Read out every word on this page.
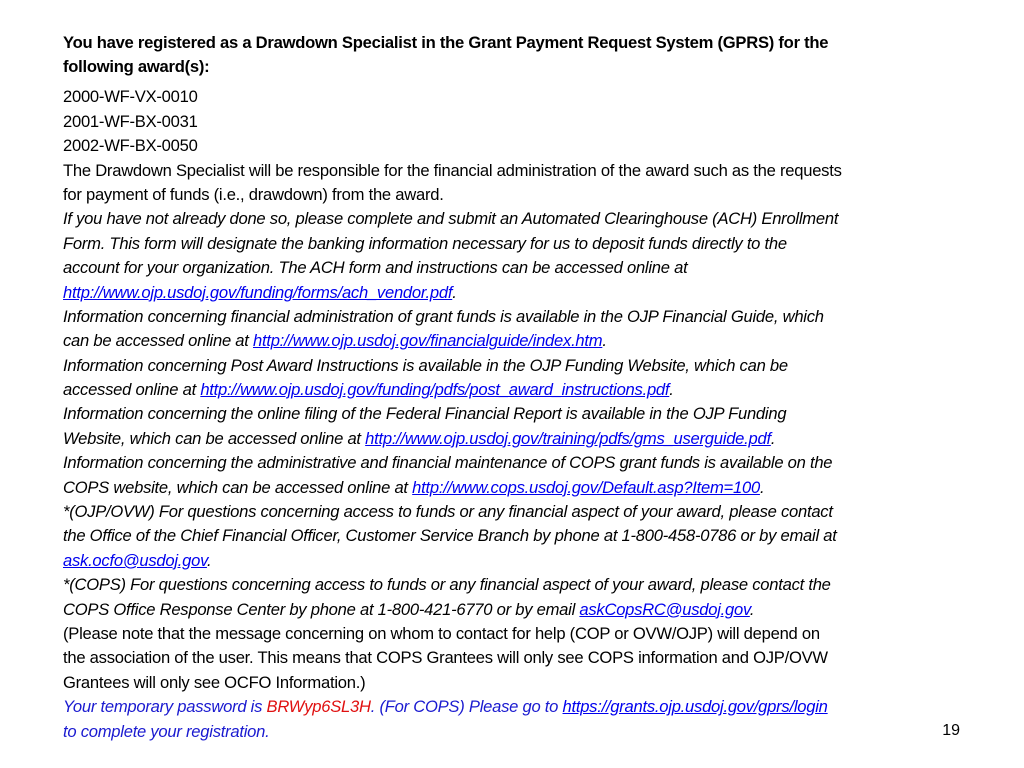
You have registered as a Drawdown Specialist in the Grant Payment Request System (GPRS) for the
following award(s):
2000-WF-VX-0010
2001-WF-BX-0031
2002-WF-BX-0050
The Drawdown Specialist will be responsible for the financial administration of the award such as the requests
for payment of funds (i.e., drawdown) from the award.
If you have not already done so, please complete and submit an Automated Clearinghouse (ACH) Enrollment
Form. This form will designate the banking information necessary for us to deposit funds directly to the
account for your organization. The ACH form and instructions can be accessed online at
http://www.ojp.usdoj.gov/funding/forms/ach_vendor.pdf.
Information concerning financial administration of grant funds is available in the OJP Financial Guide, which
can be accessed online at http://www.ojp.usdoj.gov/financialguide/index.htm.
Information concerning Post Award Instructions is available in the OJP Funding Website, which can be
accessed online at http://www.ojp.usdoj.gov/funding/pdfs/post_award_instructions.pdf.
Information concerning the online filing of the Federal Financial Report is available in the OJP Funding
Website, which can be accessed online at http://www.ojp.usdoj.gov/training/pdfs/gms_userguide.pdf.
Information concerning the administrative and financial maintenance of COPS grant funds is available on the
COPS website, which can be accessed online at http://www.cops.usdoj.gov/Default.asp?Item=100.
*(OJP/OVW) For questions concerning access to funds or any financial aspect of your award, please contact
the Office of the Chief Financial Officer, Customer Service Branch by phone at 1-800-458-0786 or by email at
ask.ocfo@usdoj.gov.
*(COPS) For questions concerning access to funds or any financial aspect of your award, please contact the
COPS Office Response Center by phone at 1-800-421-6770 or by email askCopsRC@usdoj.gov.
(Please note that the message concerning on whom to contact for help (COP or OVW/OJP) will depend on
the association of the user. This means that COPS Grantees will only see COPS information and OJP/OVW
Grantees will only see OCFO Information.)
Your temporary password is BRWyp6SL3H. (For COPS) Please go to https://grants.ojp.usdoj.gov/gprs/login
to complete your registration.	19
